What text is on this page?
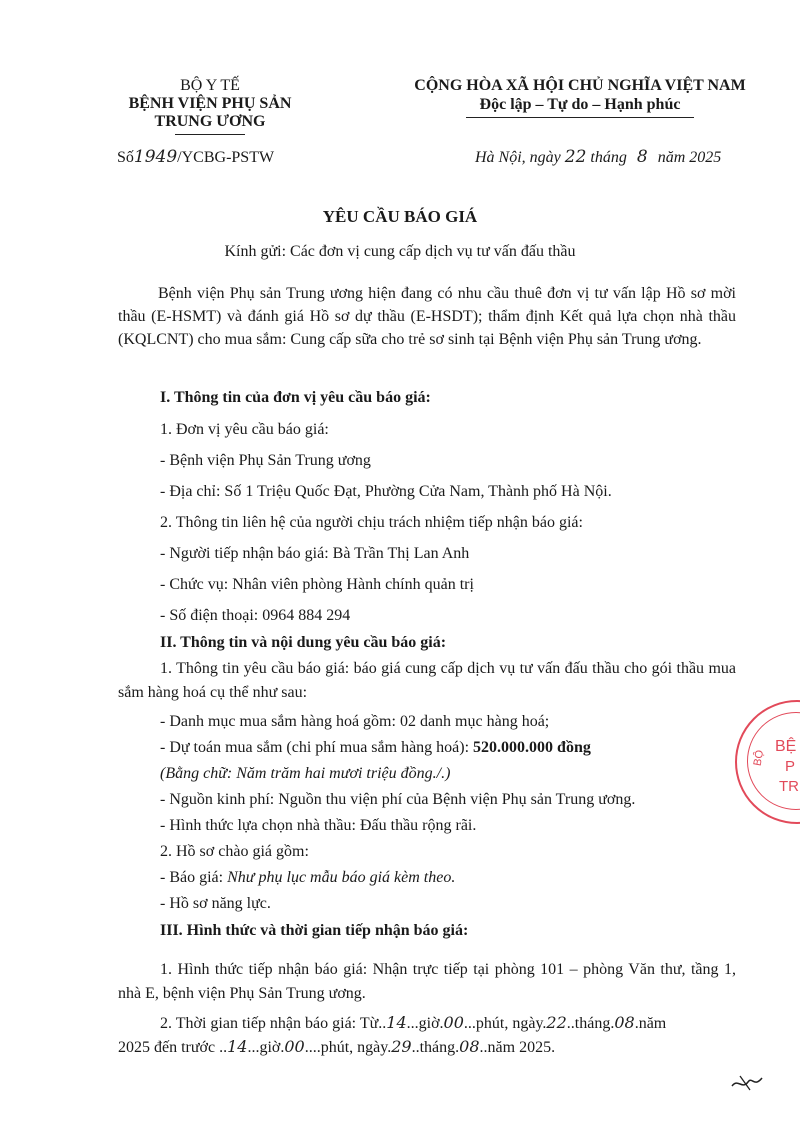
BỘ Y TẾ
BỆNH VIỆN PHỤ SẢN
TRUNG ƯƠNG
Số1949/YCBG-PSTW
CỘNG HÒA XÃ HỘI CHỦ NGHĨA VIỆT NAM
Độc lập – Tự do – Hạnh phúc
Hà Nội, ngày 22 tháng 8 năm 2025
YÊU CẦU BÁO GIÁ
Kính gửi: Các đơn vị cung cấp dịch vụ tư vấn đấu thầu
Bệnh viện Phụ sản Trung ương hiện đang có nhu cầu thuê đơn vị tư vấn lập Hồ sơ mời thầu (E-HSMT) và đánh giá Hồ sơ dự thầu (E-HSDT); thẩm định Kết quả lựa chọn nhà thầu (KQLCNT) cho mua sắm: Cung cấp sữa cho trẻ sơ sinh tại Bệnh viện Phụ sản Trung ương.
I. Thông tin của đơn vị yêu cầu báo giá:
1. Đơn vị yêu cầu báo giá:
- Bệnh viện Phụ Sản Trung ương
- Địa chỉ: Số 1 Triệu Quốc Đạt, Phường Cửa Nam, Thành phố Hà Nội.
2. Thông tin liên hệ của người chịu trách nhiệm tiếp nhận báo giá:
- Người tiếp nhận báo giá: Bà Trần Thị Lan Anh
- Chức vụ: Nhân viên phòng Hành chính quản trị
- Số điện thoại: 0964 884 294
II. Thông tin và nội dung yêu cầu báo giá:
1. Thông tin yêu cầu báo giá: báo giá cung cấp dịch vụ tư vấn đấu thầu cho gói thầu mua sắm hàng hoá cụ thể như sau:
- Danh mục mua sắm hàng hoá gồm: 02 danh mục hàng hoá;
- Dự toán mua sắm (chi phí mua sắm hàng hoá): 520.000.000 đồng
(Bằng chữ: Năm trăm hai mươi triệu đồng./.)
- Nguồn kinh phí: Nguồn thu viện phí của Bệnh viện Phụ sản Trung ương.
- Hình thức lựa chọn nhà thầu: Đấu thầu rộng rãi.
2. Hồ sơ chào giá gồm:
- Báo giá: Như phụ lục mẫu báo giá kèm theo.
- Hồ sơ năng lực.
III. Hình thức và thời gian tiếp nhận báo giá:
1. Hình thức tiếp nhận báo giá: Nhận trực tiếp tại phòng 101 – phòng Văn thư, tầng 1, nhà E, bệnh viện Phụ Sản Trung ương.
2. Thời gian tiếp nhận báo giá: Từ..14...giờ.00...phút, ngày.22..tháng.08.năm
2025 đến trước ..14...giờ.00....phút, ngày.29..tháng.08..năm 2025.
BỆ
P
TR
BỘ
